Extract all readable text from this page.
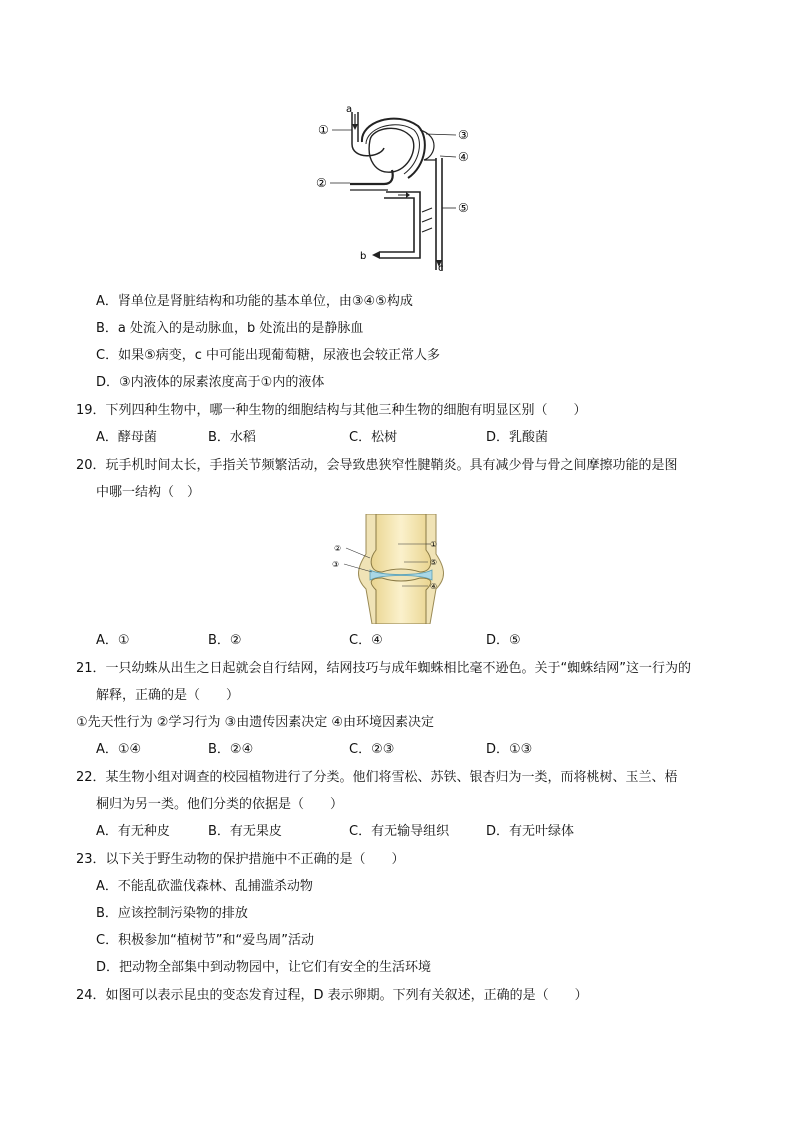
a
b
c
①
②
③
④
⑤
A．肾单位是肾脏结构和功能的基本单位，由③④⑤构成
B．a 处流入的是动脉血，b 处流出的是静脉血
C．如果⑤病变，c 中可能出现葡萄糖，尿液也会较正常人多
D．③内液体的尿素浓度高于①内的液体
19．下列四种生物中，哪一种生物的细胞结构与其他三种生物的细胞有明显区别（　　）
A．酵母菌	B．水稻	C．松树	D．乳酸菌
20．玩手机时间太长，手指关节频繁活动，会导致患狭窄性腱鞘炎。具有减少骨与骨之间摩擦功能的是图
中哪一结构（　）
①
②
③	⑤
④
A．①	B．②	C．④	D．⑤
21．一只幼蛛从出生之日起就会自行结网，结网技巧与成年蜘蛛相比毫不逊色。关于“蜘蛛结网”这一行为的
解释，正确的是（　　）
①先天性行为 ②学习行为 ③由遗传因素决定 ④由环境因素决定
A．①④	B．②④	C．②③	D．①③
22．某生物小组对调查的校园植物进行了分类。他们将雪松、苏铁、银杏归为一类，而将桃树、玉兰、梧
桐归为另一类。他们分类的依据是（　　）
A．有无种皮	B．有无果皮	C．有无输导组织	D．有无叶绿体
23．以下关于野生动物的保护措施中不正确的是（　　）
A．不能乱砍滥伐森林、乱捕滥杀动物
B．应该控制污染物的排放
C．积极参加“植树节”和“爱鸟周”活动
D．把动物全部集中到动物园中，让它们有安全的生活环境
24．如图可以表示昆虫的变态发育过程，D 表示卵期。下列有关叙述，正确的是（　　）
